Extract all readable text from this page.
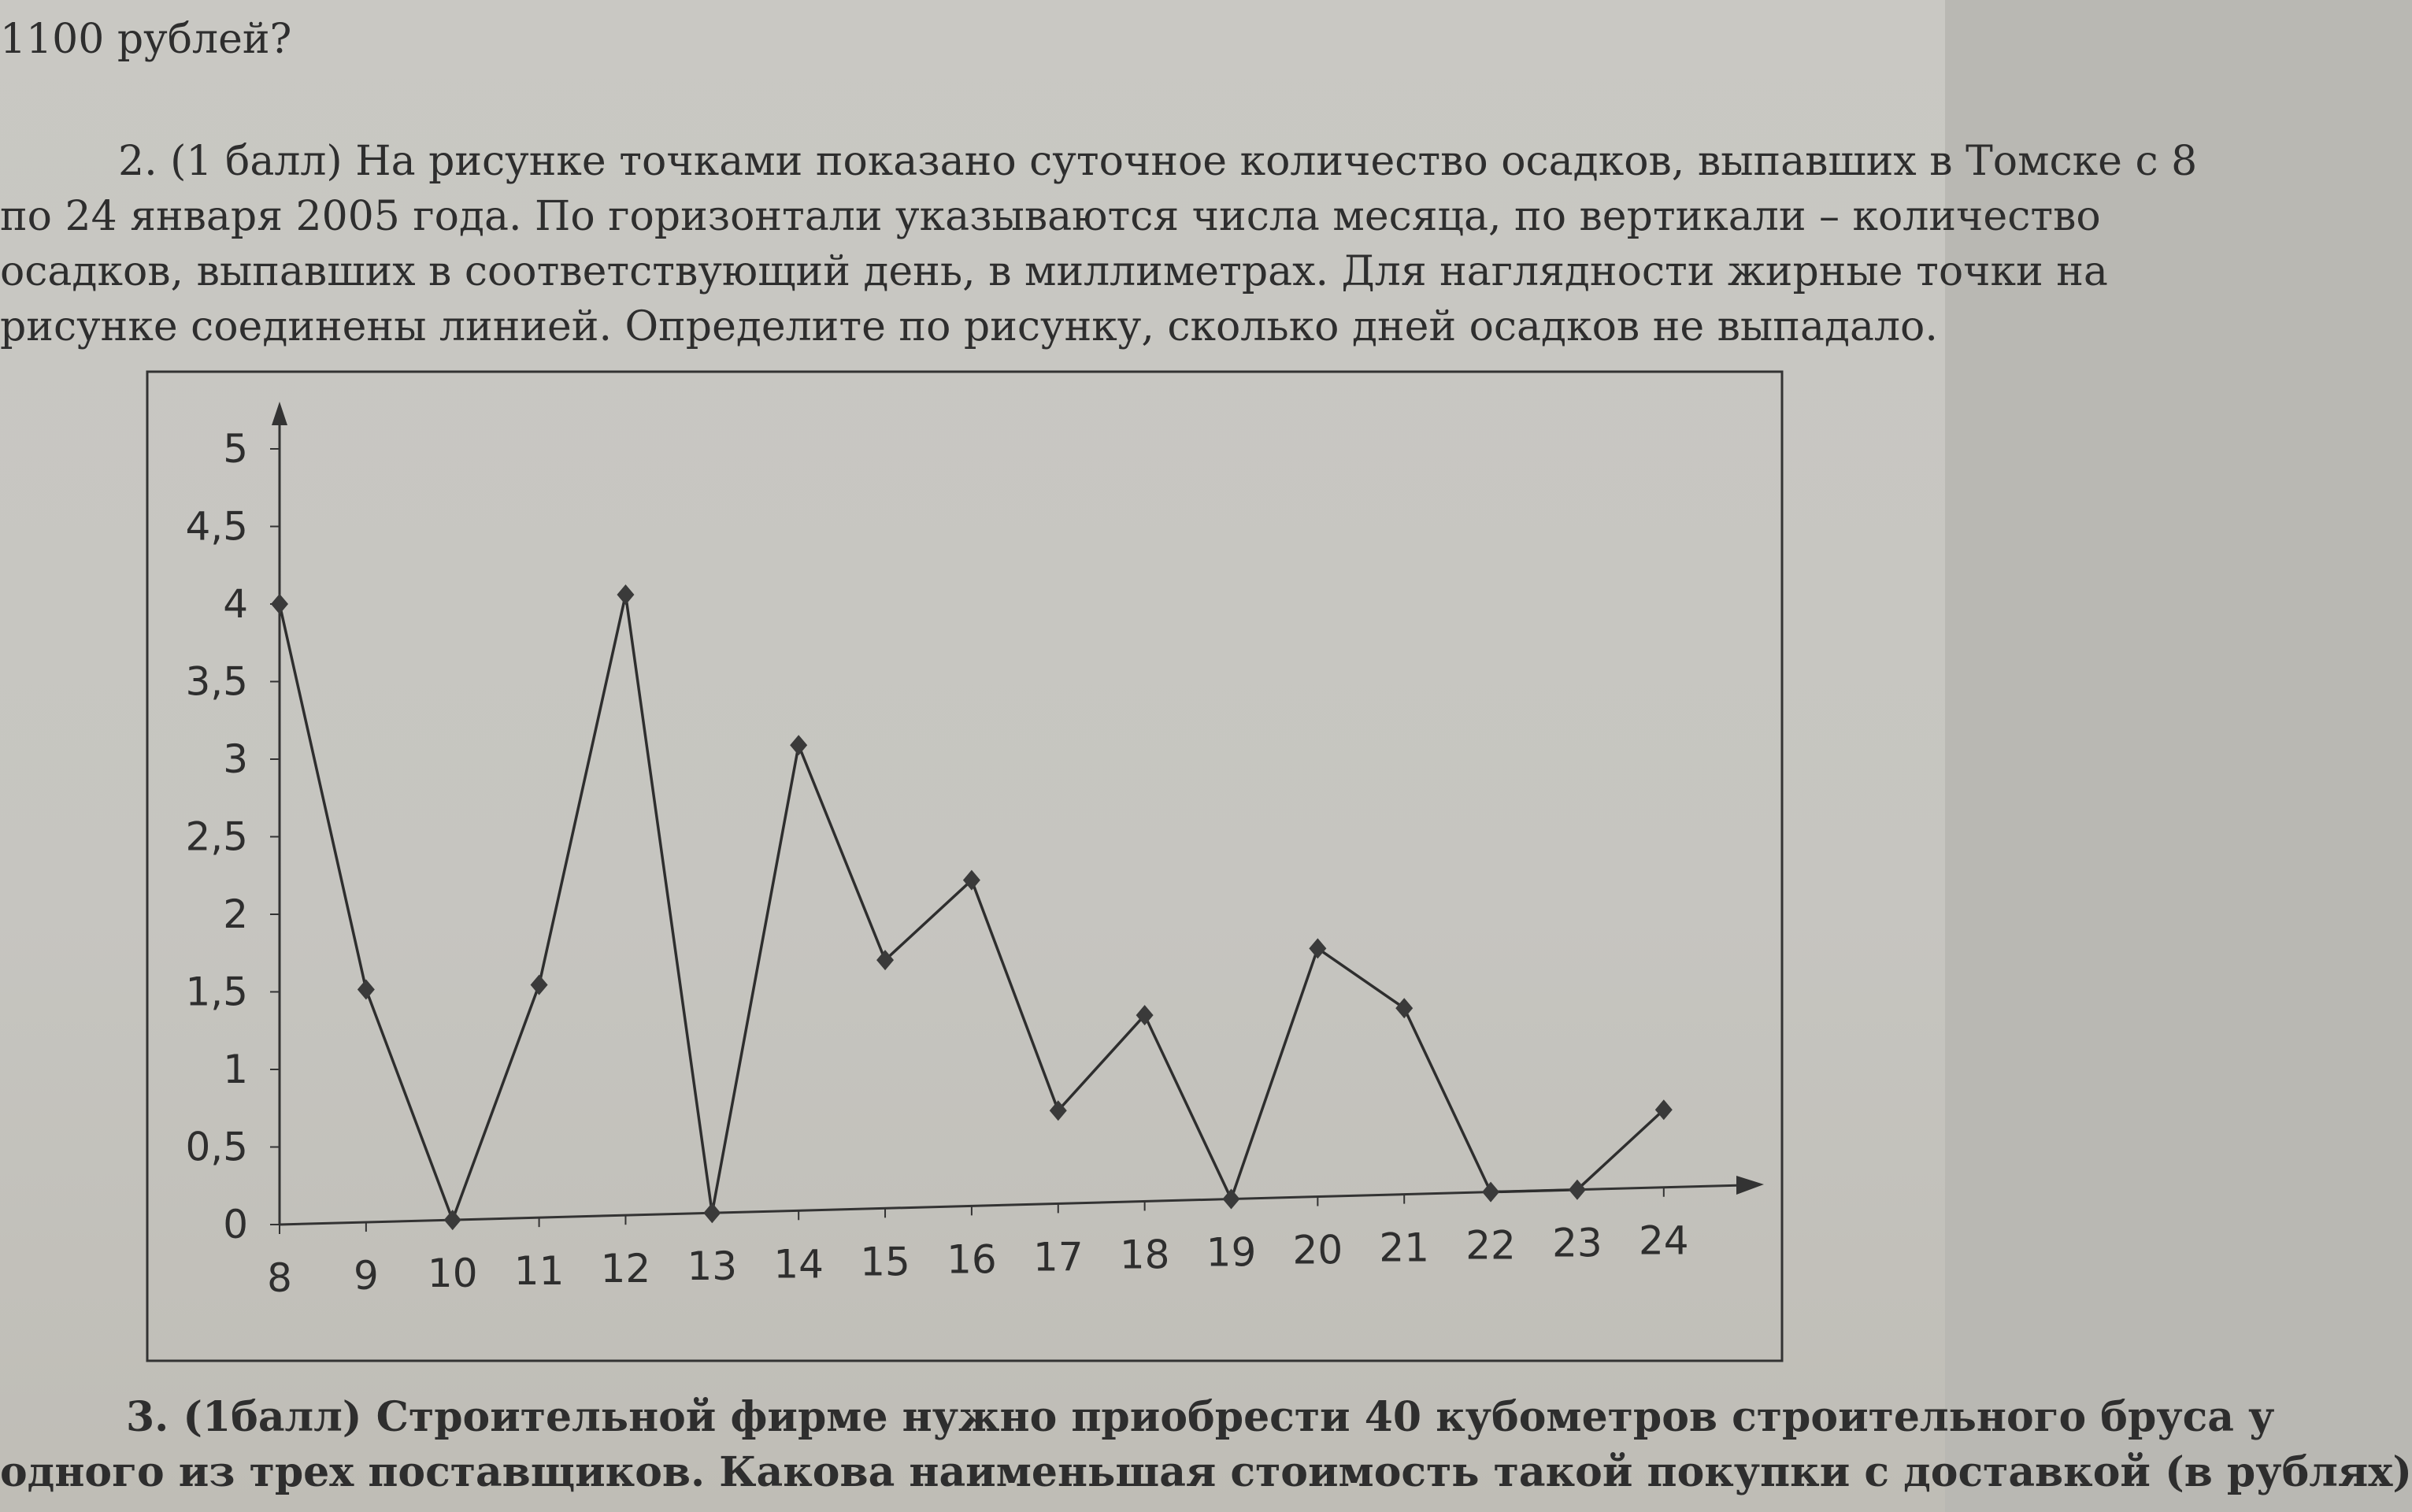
1100 рублей?
2. (1 балл) На рисунке точками показано суточное количество осадков, выпавших в Томске с 8
по 24 января 2005 года. По горизонтали указываются числа месяца, по вертикали – количество
осадков, выпавших в соответствующий день, в миллиметрах. Для наглядности жирные точки на
рисунке соединены линией. Определите по рисунку, сколько дней осадков не выпадало.
0
0,5
1
1,5
2
2,5
3
3,5
4
4,5
5
8 9 10 11 12 13 14 15 16 17 18 19 20 21 22 23 24
3. (1балл) Строительной фирме нужно приобрести 40 кубометров строительного бруса у
одного из трех поставщиков. Какова наименьшая стоимость такой покупки с доставкой (в рублях)
